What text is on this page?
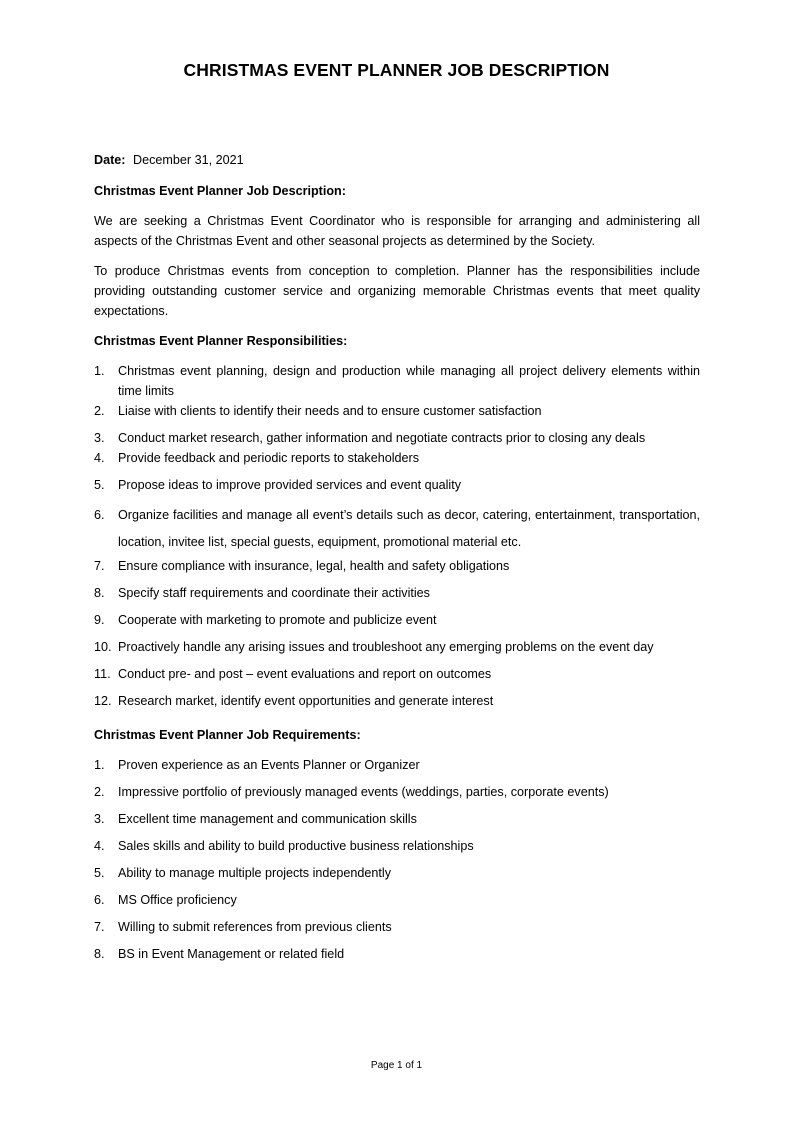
CHRISTMAS EVENT PLANNER JOB DESCRIPTION
Date: December 31, 2021
Christmas Event Planner Job Description:

We are seeking a Christmas Event Coordinator who is responsible for arranging and administering all aspects of the Christmas Event and other seasonal projects as determined by the Society.

To produce Christmas events from conception to completion. Planner has the responsibilities include providing outstanding customer service and organizing memorable Christmas events that meet quality expectations.

Christmas Event Planner Responsibilities:
1. Christmas event planning, design and production while managing all project delivery elements within time limits
2. Liaise with clients to identify their needs and to ensure customer satisfaction
3. Conduct market research, gather information and negotiate contracts prior to closing any deals
4. Provide feedback and periodic reports to stakeholders
5. Propose ideas to improve provided services and event quality
6. Organize facilities and manage all event’s details such as decor, catering, entertainment, transportation, location, invitee list, special guests, equipment, promotional material etc.
7. Ensure compliance with insurance, legal, health and safety obligations
8. Specify staff requirements and coordinate their activities
9. Cooperate with marketing to promote and publicize event
10. Proactively handle any arising issues and troubleshoot any emerging problems on the event day
11. Conduct pre- and post – event evaluations and report on outcomes
12. Research market, identify event opportunities and generate interest
Christmas Event Planner Job Requirements:
1. Proven experience as an Events Planner or Organizer
2. Impressive portfolio of previously managed events (weddings, parties, corporate events)
3. Excellent time management and communication skills
4. Sales skills and ability to build productive business relationships
5. Ability to manage multiple projects independently
6. MS Office proficiency
7. Willing to submit references from previous clients
8. BS in Event Management or related field
Page 1 of 1
